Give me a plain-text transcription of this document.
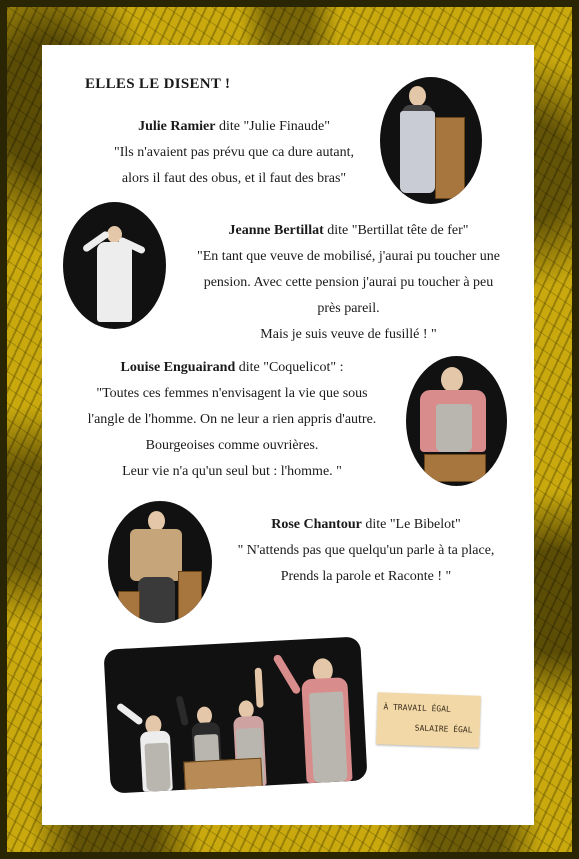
ELLES LE DISENT !

Julie Ramier dite "Julie Finaude"

"Ils n'avaient pas prévu que ca dure autant,

alors il faut des obus, et il faut des bras"

Jeanne Bertillat dite "Bertillat tête de fer"

"En tant que veuve de mobilisé, j'aurai pu toucher une

pension. Avec cette pension j'aurai pu toucher à peu

près pareil.

Mais je suis veuve de fusillé ! "

Louise Enguairand dite "Coquelicot" :

"Toutes ces femmes n'envisagent la vie que sous

l'angle de l'homme. On ne leur a rien appris d'autre.

Bourgeoises comme ouvrières.

Leur vie n'a qu'un seul but : l'homme. "

Rose Chantour dite "Le Bibelot"

" N'attends pas que quelqu'un parle à ta place,

Prends la parole et Raconte ! "

À TRAVAIL ÉGAL
SALAIRE ÉGAL
